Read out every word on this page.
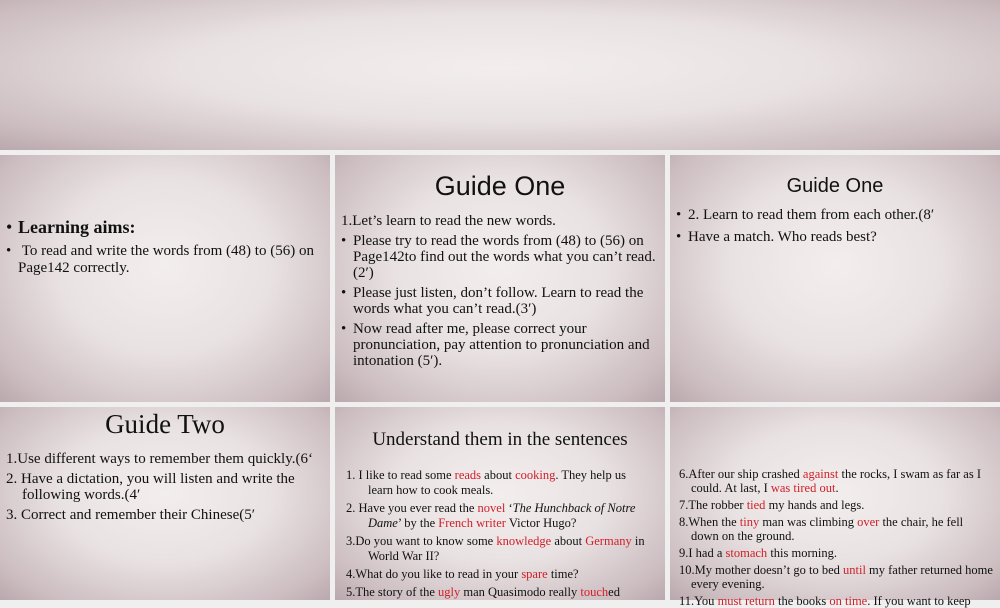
• Learning aims:
• To read and write the words from (48) to (56) on Page142 correctly.
Guide One
1.Let’s learn to read the new words.
• Please try to read the words from (48) to (56) on Page142to find out the words what you can’t read.(2′)
• Please just listen, don’t follow. Learn to read the words what you can’t read.(3′)
• Now read after me, please correct your pronunciation, pay attention to pronunciation and intonation (5′).
Guide One
• 2. Learn to read them from each other.(8′
• Have a match. Who reads best?
Guide Two
1.Use different ways to remember them quickly.(6‘
2. Have a dictation, you will listen and write the following words.(4′
3. Correct and remember their Chinese(5′
Understand them in the sentences
1. I like to read some reads about cooking. They help us learn how to cook meals.
2. Have you ever read the novel ‘The Hunchback of Notre Dame’ by the French writer Victor Hugo?
3.Do you want to know some knowledge about Germany in World War II?
4.What do you like to read in your spare time?
5.The story of the ugly man Quasimodo really touched
6.After our ship crashed against the rocks, I swam as far as I could. At last, I was tired out.
7.The robber tied my hands and legs.
8.When the tiny man was climbing over the chair, he fell down on the ground.
9.I had a stomach this morning.
10.My mother doesn’t go to bed until my father returned home every evening.
11.You must return the books on time. If you want to keep
